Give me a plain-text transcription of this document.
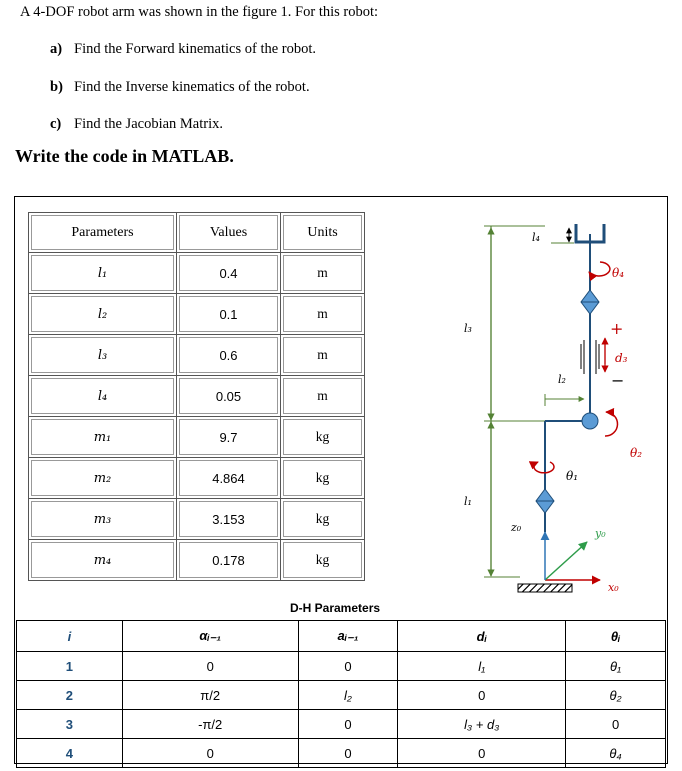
A 4-DOF robot arm was shown in the figure 1. For this robot:
a) Find the Forward kinematics of the robot.
b) Find the Inverse kinematics of the robot.
c) Find the Jacobian Matrix.
Write the code in MATLAB.
Parameters	Values	Units

l₁	0.4	m

l₂	0.1	m

l₃	0.6	m

l₄	0.05	m

m₁	9.7	kg

m₂	4.864	kg

m₃	3.153	kg

m₄	0.178	kg
l₃
l₁
x₀
y₀
z₀
θ₁
l₂
θ₂
+
d₃
−
θ₄
l₄
D-H Parameters
i	αᵢ₋₁	aᵢ₋₁	dᵢ	θᵢ
1	0	0	l₁	θ₁
2	π/2	l₂	0	θ₂
3	-π/2	0	l₃ + d₃	0
4	0	0	0	θ₄
